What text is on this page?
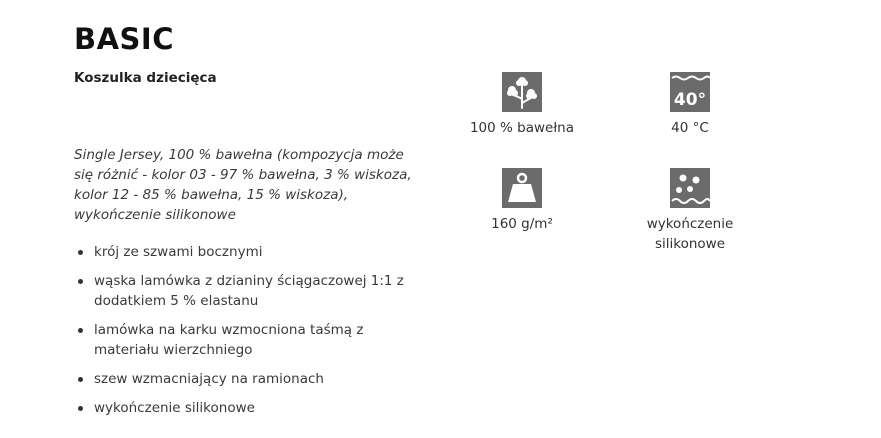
BASIC
Koszulka dziecięca

Single Jersey, 100 % bawełna (kompozycja może się różnić - kolor 03 - 97 % bawełna, 3 % wiskoza, kolor 12 - 85 % bawełna, 15 % wiskoza), wykończenie silikonowe

krój ze szwami bocznymi
wąska lamówka z dzianiny ściągaczowej 1:1 z dodatkiem 5 % elastanu
lamówka na karku wzmocniona taśmą z materiału wierzchniego
szew wzmacniający na ramionach
wykończenie silikonowe
100 % bawełna
40°
40 °C
160 g/m²	wykończenie silikonowe
